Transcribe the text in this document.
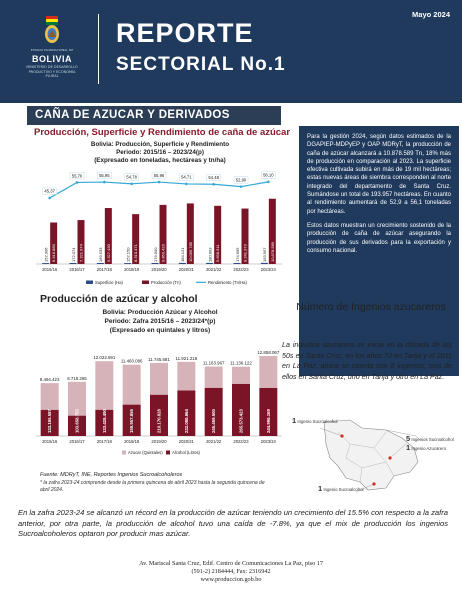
ESTADO PLURINACIONAL DE
BOLIVIA
MINISTERIO DE DESARROLLO PRODUCTIVO Y ECONOMÍA PLURAL
REPORTE
SECTORIAL No.1
Mayo 2024
CAÑA DE AZUCAR Y DERIVADOS
Producción, Superficie y Rendimiento de caña de azúcar
Bolivia: Producción, Superficie y Rendimiento
Periodo: 2015/16 – 2023/24(p)
(Expresado en toneladas, hectáreas y tn/ha)
152.306 6.916.880
2015/16
172.074 7.321.974
2016/17
169.533 9.327.430
2017/18
152.150 8.310.471
2018/19
176.500 9.850.423
2019/20
184.121 10.095.785
2020/21
180.803 9.698.511
2021/22
174.695 9.241.373
2022/23
193.957 10.878.589
2023/24
45,37
55,70	55,95	54,78	55,96	54,71	54,48	52,90
56,10
Superficie (Ha)	Producción (Tn)	Rendimiento (Tn/Ha)

Para la gestión 2024, según datos estimados de la DGAPIEP-MDPyEP y OAP MDRyT, la producción de caña de azúcar alcanzará a 10.878.589 Tn, 18% más de producción en comparación al 2023. La superficie efectiva cultivada subirá en más de 19 mil hectáreas; estas nuevas áreas de siembra corresponden al norte integrado del departamento de Santa Cruz. Sumándose un total de 193.957 hectáreas. En cuanto al rendimiento aumentará de 52,9 a 56,1 toneladas por hectáreas.

Estos datos muestran un crecimiento sostenido de la producción de caña de azúcar asegurando la producción de sus derivados para la exportación y consumo nacional.

Producción de azúcar y alcohol
Bolivia: Producción Azúcar y Alcohol
Periodo: Zafra 2015/16 – 2023/24*(p)
(Expresado en quintales y litros)
8.494.423
133.165.587
2015/16
8.716.265
103.658.753
2016/17
12.022.691
133.428.490
2017/18
11.460.086
159.957.855
2018/19
11.745.681
210.170.828
2019/20
11.921.218
232.088.864
2020/21
11.163.967
245.459.500
2021/22
11.136.122
265.573.423
2022/23
12.858.067
244.998.169
2023/24
Azucar (Quintales) Alcohol (Litros)
Número de Ingenios azucareros
La industria azucarera se inicia en la década de los 50s en Santa Cruz, en los años 70 en Tarija y el 2011 en La Paz, ahora se cuenta con 8 ingenios, seis de ellos en Santa Cruz, uno en Tarija y otro en La Paz.
1 Ingenio Sucroalcohol
5 Ingenios Sucroalcohol
1 Ingenio Azucarero
1 Ingenio Sucroalcohol
Fuente: MDRyT, INE, Reportes Ingenios Sucroalcoholeros
* la zafra 2023-24 comprende desde la primera quincena de abril 2023 hasta la segunda quincena de abril 2024.
En la zafra 2023-24 se alcanzó un récord en la producción de azúcar teniendo un crecimiento del 15.5% con respecto a la zafra anterior, por otra parte, la producción de alcohol tuvo una caída de -7.8%, ya que el mix de producción los ingenios Sucroalcoholeros optaron por producir mas azúcar.
Av. Mariscal Santa Cruz, Edif. Centro de Comunicaciones La Paz, piso 17
(591-2) 2184444, Fax: 2316942
www.produccion.gob.bo
